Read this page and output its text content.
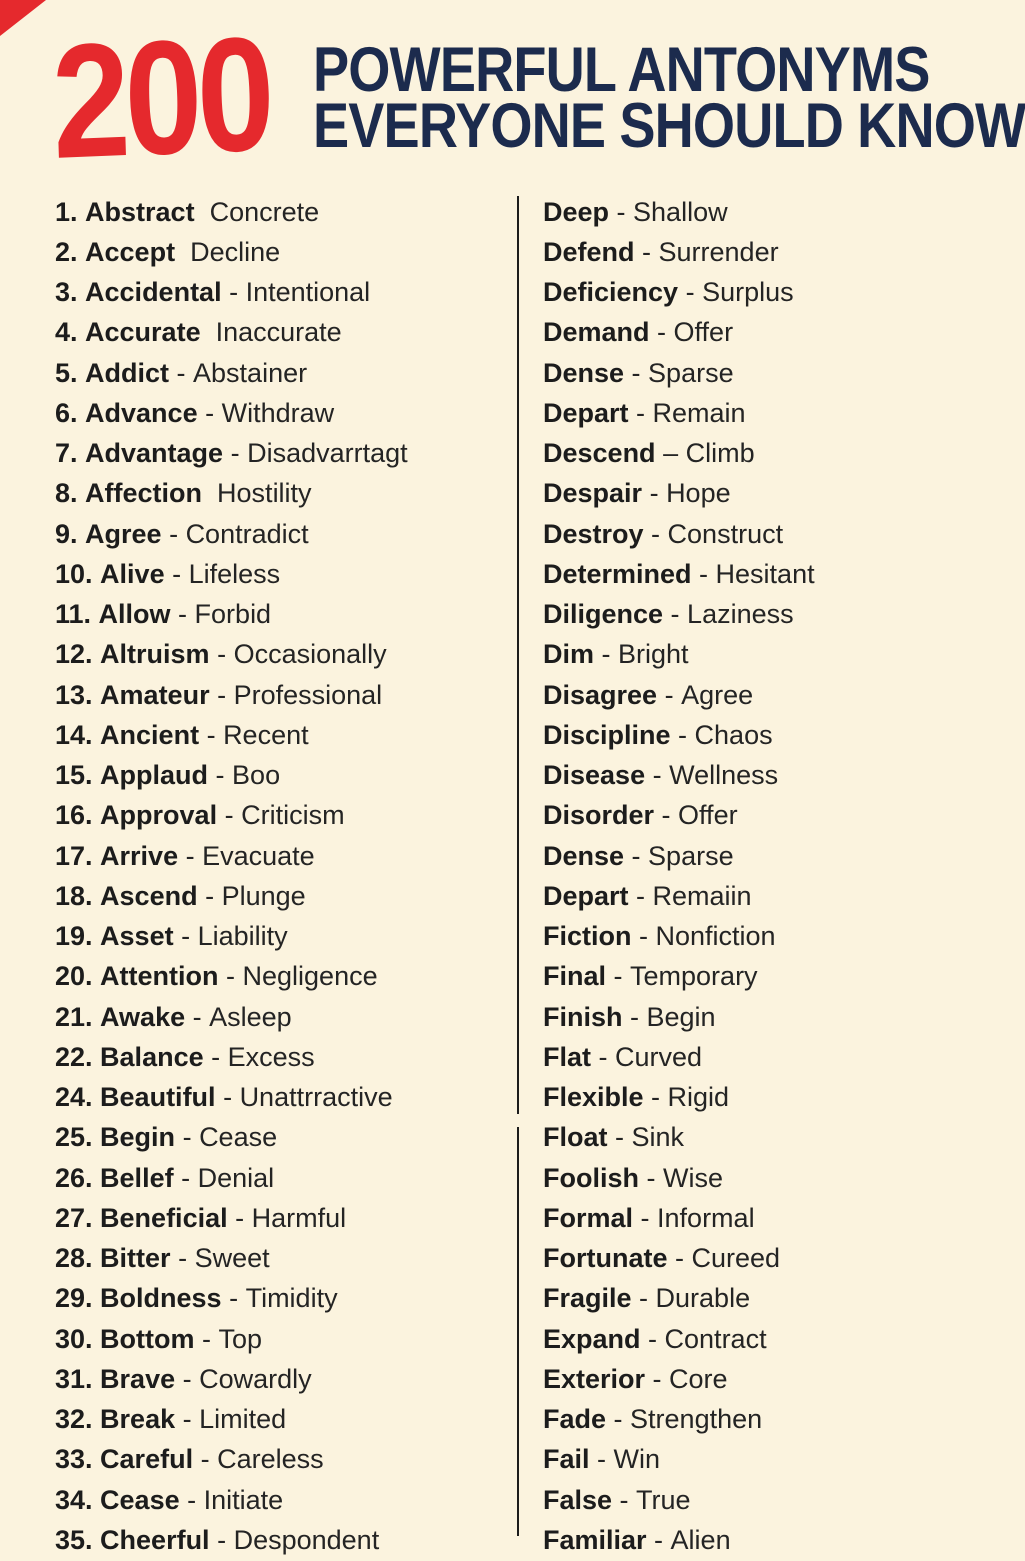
200 POWERFUL ANTONYMS
EVERYONE SHOULD KNOW
1. Abstract
Concrete
2. Accept
Decline
3. Accidental - Intentional
4. Accurate
Inaccurate
5. Addict - Abstainer
6. Advance - Withdraw
7. Advantage - Disadvarrtagt
8. Affection
Hostility
9. Agree - Contradict
10. Alive - Lifeless
11. Allow - Forbid
12. Altruism - Occasionally
13. Amateur - Professional
14. Ancient - Recent
15. Applaud - Boo
16. Approval - Criticism
17. Arrive - Evacuate
18. Ascend - Plunge
19. Asset - Liability
20. Attention - Negligence
21. Awake - Asleep
22. Balance - Excess
24. Beautiful - Unattrractive
25. Begin - Cease
26. Bellef - Denial
27. Beneficial - Harmful
28. Bitter - Sweet
29. Boldness - Timidity
30. Bottom - Top
31. Brave - Cowardly
32. Break - Limited
33. Careful - Careless
34. Cease - Initiate
35. Cheerful - Despondent
Deep - Shallow
Defend - Surrender
Deficiency - Surplus
Demand - Offer
Dense - Sparse
Depart - Remain
Descend – Climb
Despair - Hope
Destroy - Construct
Determined - Hesitant
Diligence - Laziness
Dim - Bright
Disagree - Agree
Discipline - Chaos
Disease - Wellness
Disorder - Offer
Dense - Sparse
Depart - Remaiin
Fiction - Nonfiction
Final - Temporary
Finish - Begin
Flat - Curved
Flexible - Rigid
Float - Sink
Foolish - Wise
Formal - Informal
Fortunate - Cureed
Fragile - Durable
Expand - Contract
Exterior - Core
Fade - Strengthen
Fail - Win
False - True
Familiar - Alien
